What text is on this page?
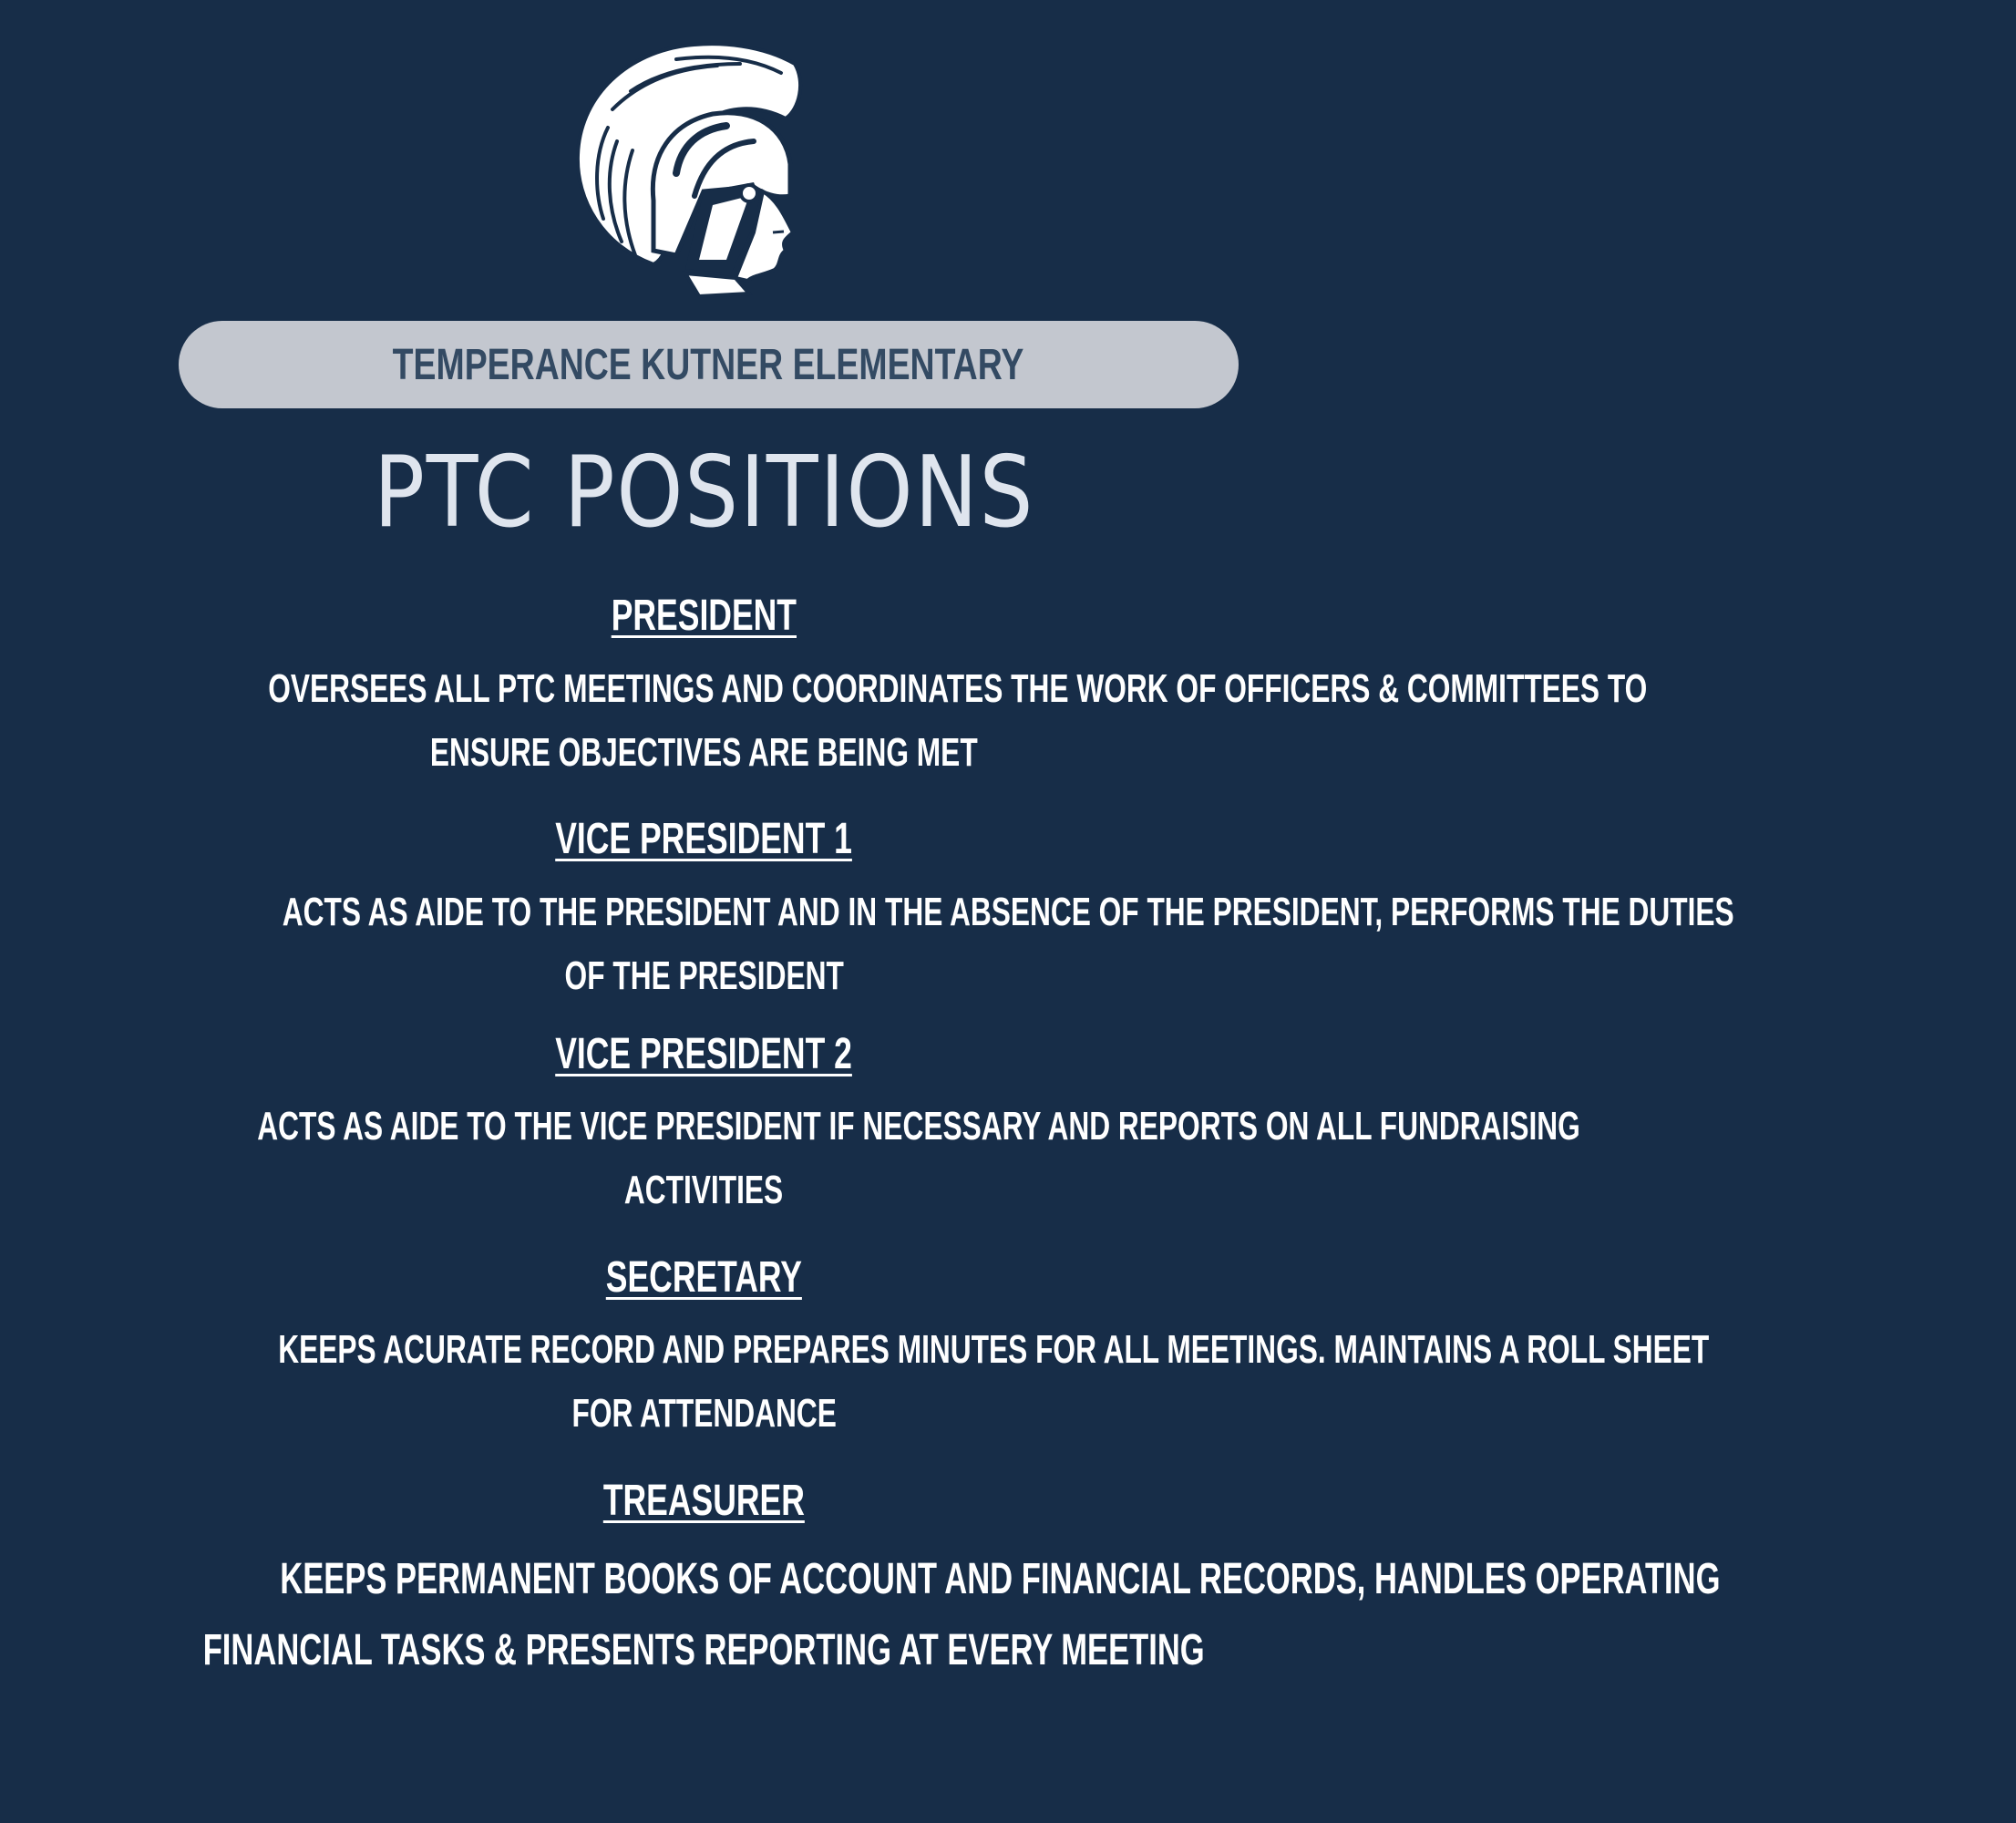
TEMPERANCE KUTNER ELEMENTARY
PTC POSITIONS
PRESIDENT
OVERSEES ALL PTC MEETINGS AND COORDINATES THE WORK OF OFFICERS & COMMITTEES TO
ENSURE OBJECTIVES ARE BEING MET
VICE PRESIDENT 1
ACTS AS AIDE TO THE PRESIDENT AND IN THE ABSENCE OF THE PRESIDENT, PERFORMS THE DUTIES
OF THE PRESIDENT
VICE PRESIDENT 2
ACTS AS AIDE TO THE VICE PRESIDENT IF NECESSARY AND REPORTS ON ALL FUNDRAISING
ACTIVITIES
SECRETARY
KEEPS ACURATE RECORD AND PREPARES MINUTES FOR ALL MEETINGS. MAINTAINS A ROLL SHEET
FOR ATTENDANCE
TREASURER
KEEPS PERMANENT BOOKS OF ACCOUNT AND FINANCIAL RECORDS, HANDLES OPERATING
FINANCIAL TASKS & PRESENTS REPORTING AT EVERY MEETING
